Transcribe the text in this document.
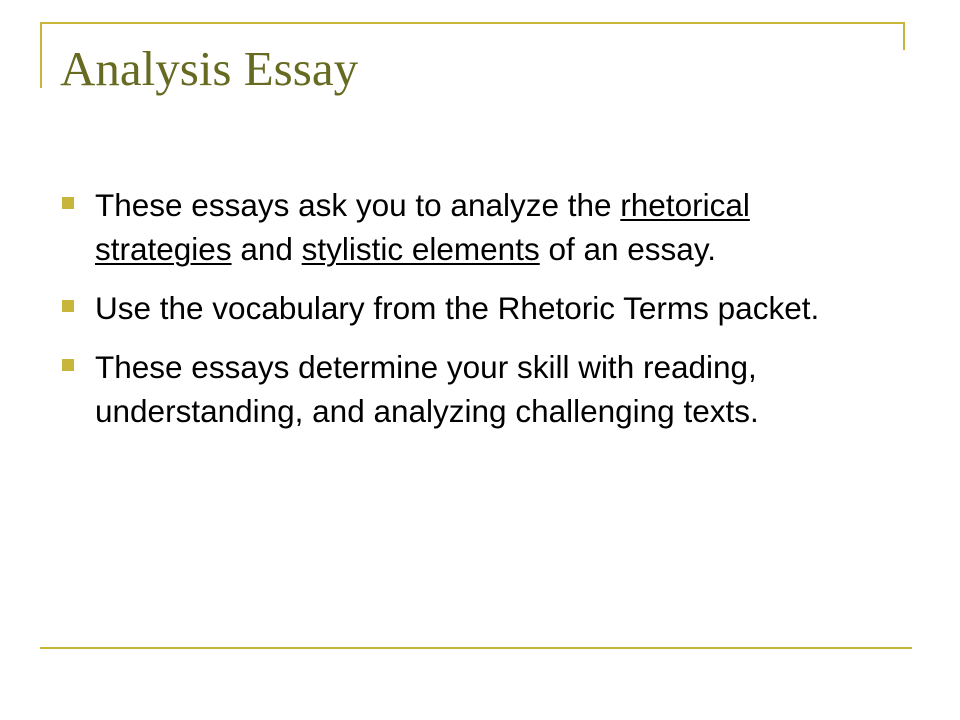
Analysis Essay
These essays ask you to analyze the rhetorical strategies and stylistic elements of an essay.
Use the vocabulary from the Rhetoric Terms packet.
These essays determine your skill with reading, understanding, and analyzing challenging texts.
